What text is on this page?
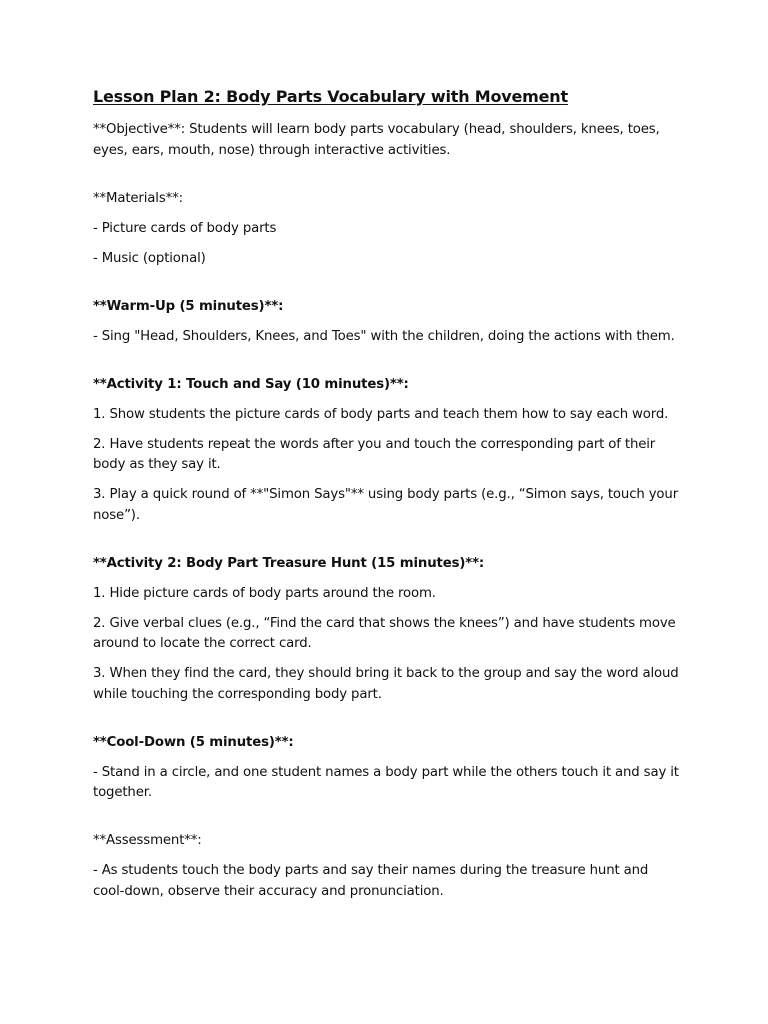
Lesson Plan 2: Body Parts Vocabulary with Movement
**Objective**: Students will learn body parts vocabulary (head, shoulders, knees, toes, eyes, ears, mouth, nose) through interactive activities.
**Materials**:
- Picture cards of body parts
- Music (optional)
**Warm-Up (5 minutes)**:
- Sing "Head, Shoulders, Knees, and Toes" with the children, doing the actions with them.
**Activity 1: Touch and Say (10 minutes)**:
1. Show students the picture cards of body parts and teach them how to say each word.
2. Have students repeat the words after you and touch the corresponding part of their body as they say it.
3. Play a quick round of **"Simon Says"** using body parts (e.g., “Simon says, touch your nose”).
**Activity 2: Body Part Treasure Hunt (15 minutes)**:
1. Hide picture cards of body parts around the room.
2. Give verbal clues (e.g., “Find the card that shows the knees”) and have students move around to locate the correct card.
3. When they find the card, they should bring it back to the group and say the word aloud while touching the corresponding body part.
**Cool-Down (5 minutes)**:
- Stand in a circle, and one student names a body part while the others touch it and say it together.
**Assessment**:
- As students touch the body parts and say their names during the treasure hunt and cool-down, observe their accuracy and pronunciation.
